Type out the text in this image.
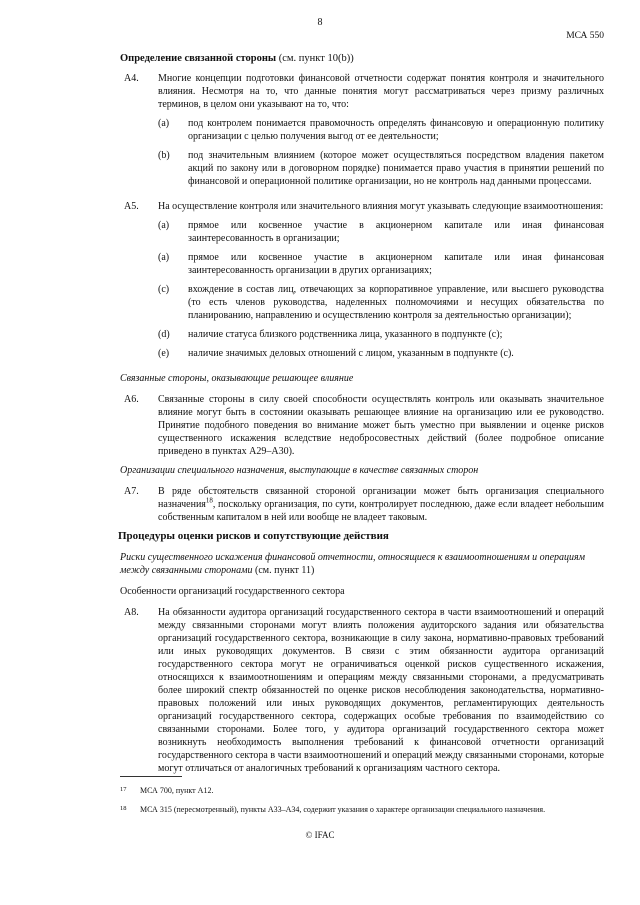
8
МСА 550
Определение связанной стороны (см. пункт 10(b))
A4.	Многие концепции подготовки финансовой отчетности содержат понятия контроля и значительного влияния. Несмотря на то, что данные понятия могут рассматриваться через призму различных терминов, в целом они указывают на то, что:
(a)	под контролем понимается правомочность определять финансовую и операционную политику организации с целью получения выгод от ее деятельности;
(b)	под значительным влиянием (которое может осуществляться посредством владения пакетом акций по закону или в договорном порядке) понимается право участия в принятии решений по финансовой и операционной политике организации, но не контроль над данными процессами.
A5.	На осуществление контроля или значительного влияния могут указывать следующие взаимоотношения:
(a)	прямое или косвенное участие в акционерном капитале или иная финансовая заинтересованность в организации;
(a)	прямое или косвенное участие в акционерном капитале или иная финансовая заинтересованность организации в других организациях;
(c)	вхождение в состав лиц, отвечающих за корпоративное управление, или высшего руководства (то есть членов руководства, наделенных полномочиями и несущих обязательства по планированию, направлению и осуществлению контроля за деятельностью организации);
(d)	наличие статуса близкого родственника лица, указанного в подпункте (с);
(e)	наличие значимых деловых отношений с лицом, указанным в подпункте (с).
Связанные стороны, оказывающие решающее влияние
A6.	Связанные стороны в силу своей способности осуществлять контроль или оказывать значительное влияние могут быть в состоянии оказывать решающее влияние на организацию или ее руководство. Принятие подобного поведения во внимание может быть уместно при выявлении и оценке рисков существенного искажения вследствие недобросовестных действий (более подробное описание приведено в пунктах А29–А30).
Организации специального назначения, выступающие в качестве связанных сторон
A7.	В ряде обстоятельств связанной стороной организации может быть организация специального назначения$^{18}$, поскольку организация, по сути, контролирует последнюю, даже если владеет небольшим собственным капиталом в ней или вообще не владеет таковым.
Процедуры оценки рисков и сопутствующие действия
Риски существенного искажения финансовой отчетности, относящиеся к взаимоотношениям и операциям между связанными сторонами (см. пункт 11)
Особенности организаций государственного сектора
A8.	На обязанности аудитора организаций государственного сектора в части взаимоотношений и операций между связанными сторонами могут влиять положения аудиторского задания или обязательства организаций государственного сектора, возникающие в силу закона, нормативно-правовых требований или иных руководящих документов. В связи с этим обязанности аудитора организаций государственного сектора могут не ограничиваться оценкой рисков существенного искажения, относящихся к взаимоотношениям и операциям между связанными сторонами, а предусматривать более широкий спектр обязанностей по оценке рисков несоблюдения законодательства, нормативно-правовых положений или иных руководящих документов, регламентирующих деятельность организаций государственного сектора, содержащих особые требования по взаимодействию со связанными сторонами. Более того, у аудитора организаций государственного сектора может возникнуть необходимость выполнения требований к финансовой отчетности организаций государственного сектора в части взаимоотношений и операций между связанными сторонами, которые могут отличаться от аналогичных требований к организациям частного сектора.
17	МСА 700, пункт А12.
18	МСА 315 (пересмотренный), пункты А33–А34, содержит указания о характере организации специального назначения.
© IFAC
